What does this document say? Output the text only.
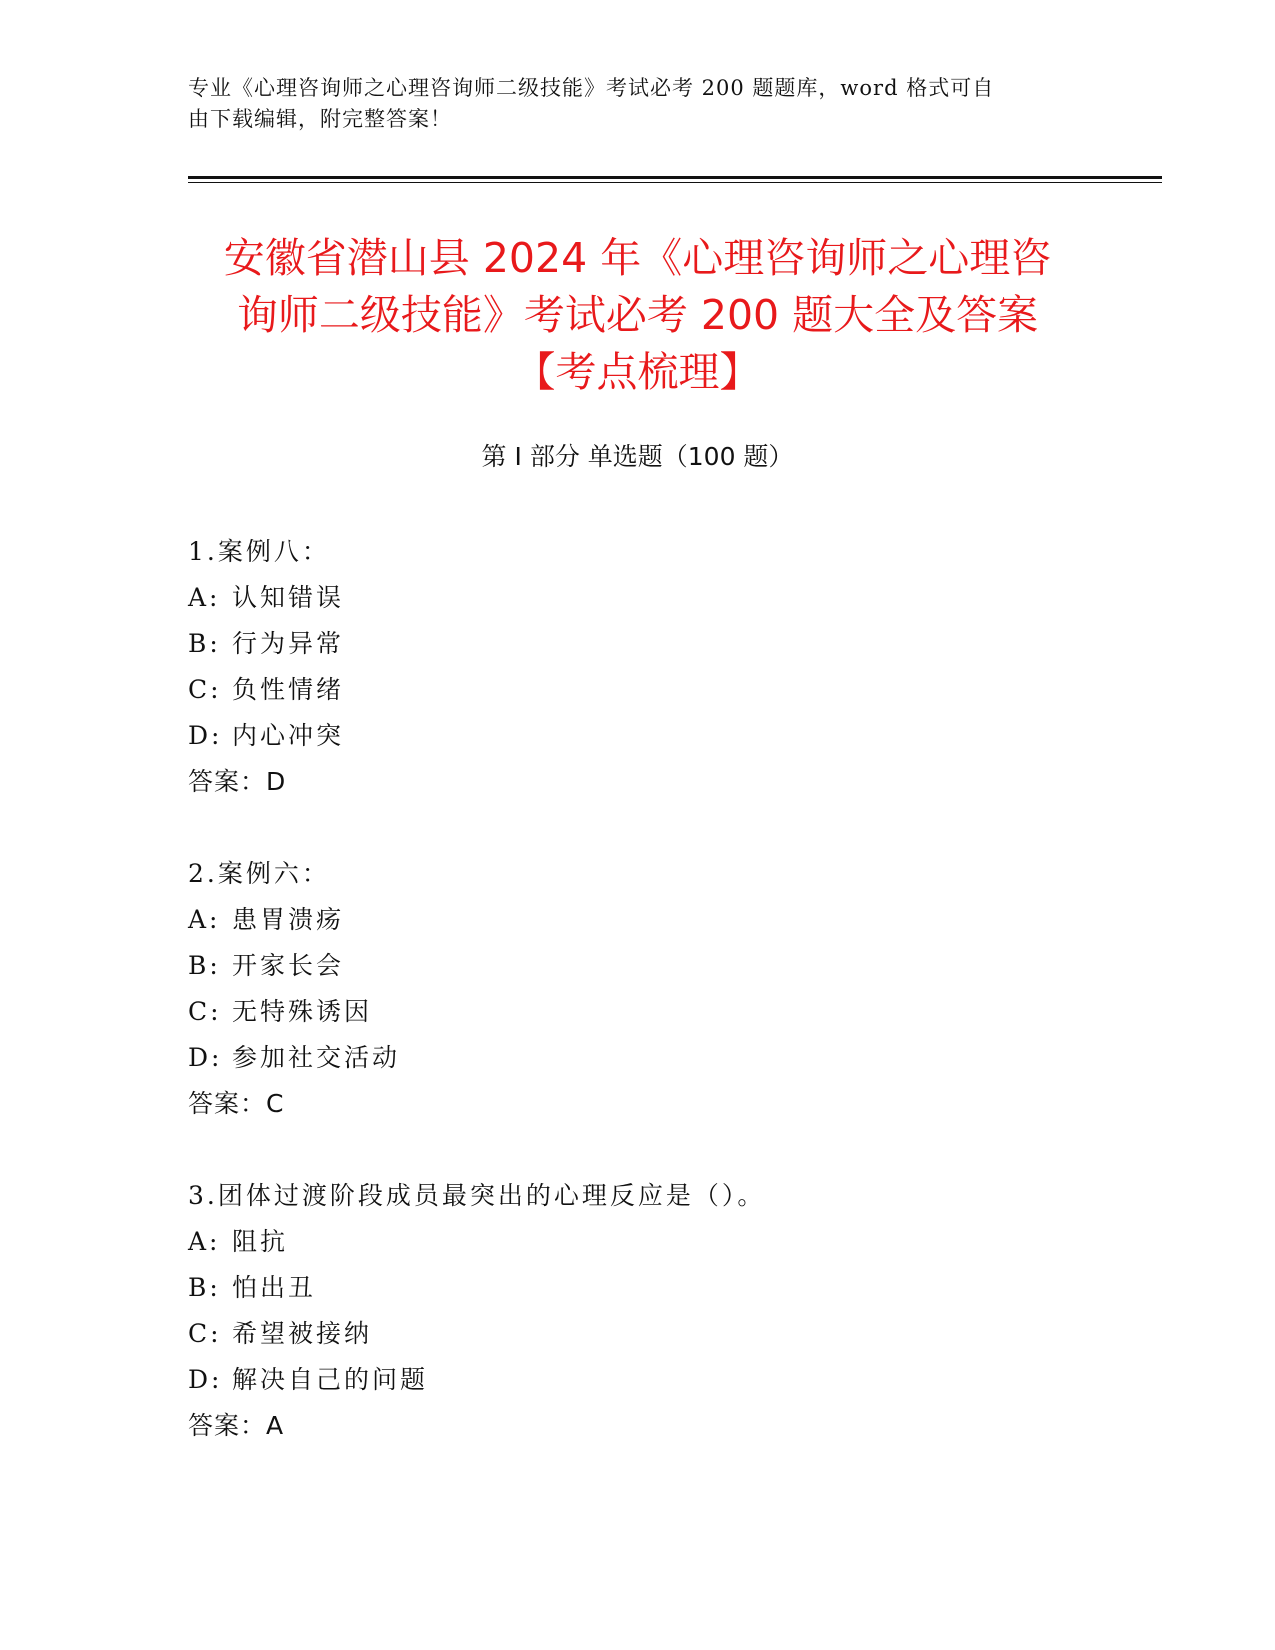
专业《心理咨询师之心理咨询师二级技能》考试必考 200 题题库，word 格式可自
由下载编辑，附完整答案！
安徽省潜山县 2024 年《心理咨询师之心理咨
询师二级技能》考试必考 200 题大全及答案
【考点梳理】
第 I 部分 单选题（100 题）
1.案例八：
A: 认知错误
B: 行为异常
C: 负性情绪
D: 内心冲突
答案：D
2.案例六：
A: 患胃溃疡
B: 开家长会
C: 无特殊诱因
D: 参加社交活动
答案：C
3.团体过渡阶段成员最突出的心理反应是（）。
A: 阻抗
B: 怕出丑
C: 希望被接纳
D: 解决自己的问题
答案：A
